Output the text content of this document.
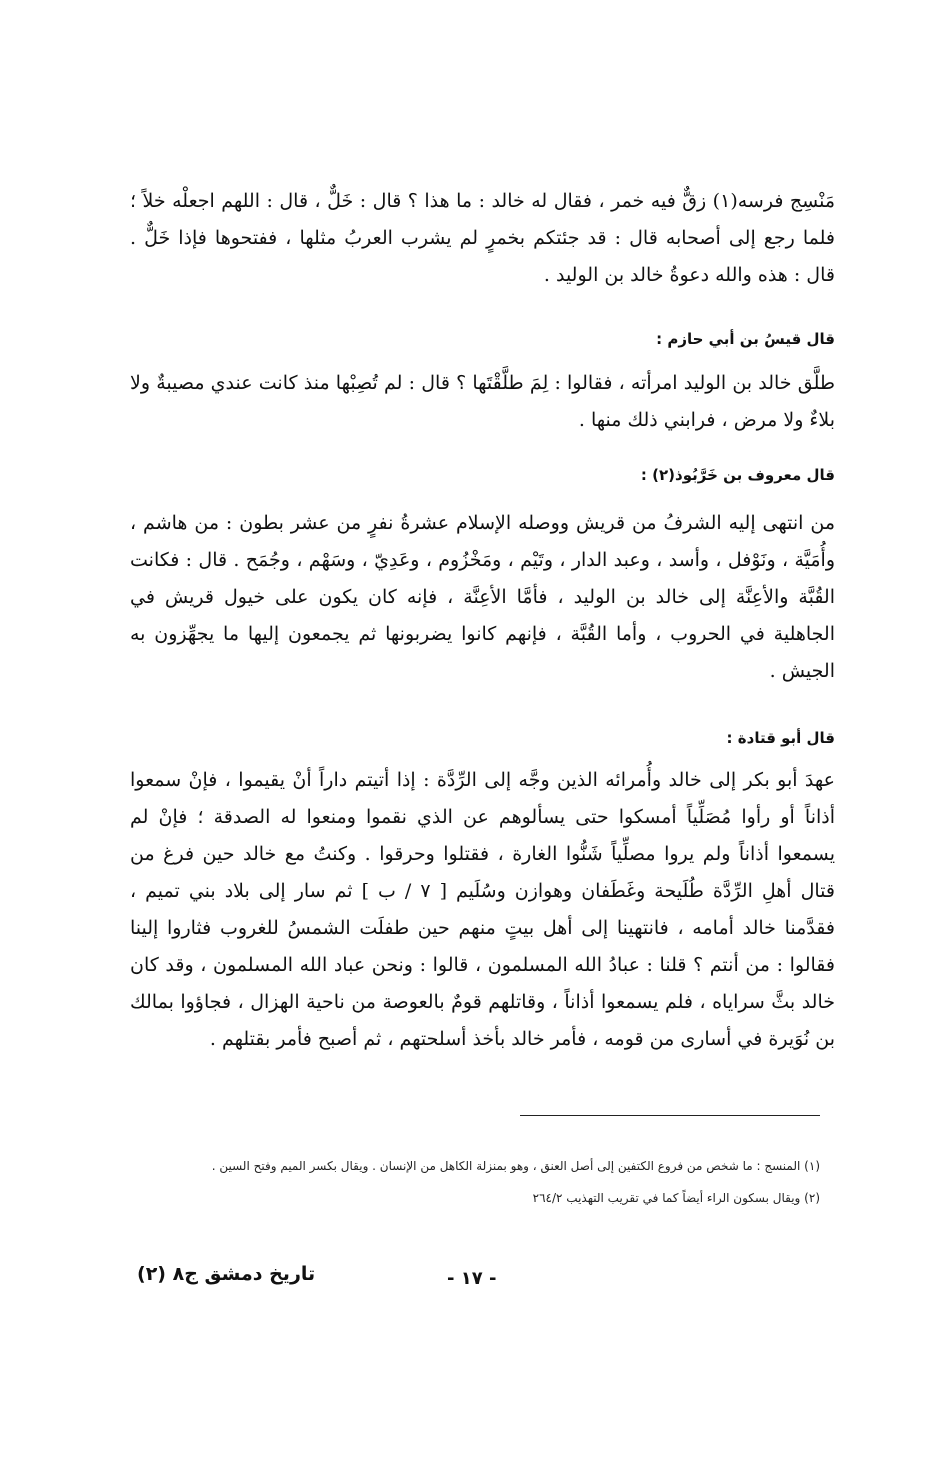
مَنْسِج فرسه(١) زقٌّ فيه خمر ، فقال له خالد : ما هذا ؟ قال : خَلٌّ ، قال : اللهم اجعلْه خلاً ؛ فلما رجع إلى أصحابه قال : قد جئتكم بخمرٍ لم يشرب العربُ مثلها ، ففتحوها فإذا خَلٌّ . قال : هذه والله دعوةُ خالد بن الوليد .

قال قيسُ بن أبي حازم :

طلَّق خالد بن الوليد امرأته ، فقالوا : لِمَ طلَّقْتَها ؟ قال : لم تُصِبْها منذ كانت عندي مصيبةٌ ولا بلاءٌ ولا مرض ، فرابني ذلك منها .

قال معروف بن خَرَّبُوذ(٢) :

من انتهى إليه الشرفُ من قريش ووصله الإسلام عشرةُ نفرٍ من عشر بطون : من هاشم ، وأُمَيَّة ، ونَوْفل ، وأسد ، وعبد الدار ، وتَيْم ، ومَخْزُوم ، وعَدِيّ ، وسَهْم ، وجُمَح . قال : فكانت القُبَّة والأعِنَّة إلى خالد بن الوليد ، فأمَّا الأعِنَّة ، فإنه كان يكون على خيول قريش في الجاهلية في الحروب ، وأما القُبَّة ، فإنهم كانوا يضربونها ثم يجمعون إليها ما يجهِّزون به الجيش .

قال أبو قتادة :

عهدَ أبو بكر إلى خالد وأُمرائه الذين وجَّه إلى الرِّدَّة : إذا أتيتم داراً أنْ يقيموا ، فإنْ سمعوا أذاناً أو رأوا مُصَلِّياً أمسكوا حتى يسألوهم عن الذي نقموا ومنعوا له الصدقة ؛ فإنْ لم يسمعوا أذاناً ولم يروا مصلِّياً شَنُّوا الغارة ، فقتلوا وحرقوا . وكنتُ مع خالد حين فرغ من قتال أهلِ الرِّدَّة طُلَيحة وغَطَفان وهوازن وسُلَيم [ ٧ / ب ] ثم سار إلى بلاد بني تميم ، فقدَّمنا خالد أمامه ، فانتهينا إلى أهل بيتٍ منهم حين طفلَت الشمسُ للغروب فثاروا إلينا فقالوا : من أنتم ؟ قلنا : عبادُ الله المسلمون ، قالوا : ونحن عباد الله المسلمون ، وقد كان خالد بثَّ سراياه ، فلم يسمعوا أذاناً ، وقاتلهم قومٌ بالعوصة من ناحية الهزال ، فجاؤوا بمالك بن نُوَيرة في أسارى من قومه ، فأمر خالد بأخذ أسلحتهم ، ثم أصبح فأمر بقتلهم .

(١) المنسج : ما شخص من فروع الكتفين إلى أصل العنق ، وهو بمنزلة الكاهل من الإنسان . ويقال بكسر الميم وفتح السين .

(٢) ويقال بسكون الراء أيضاً كما في تقريب التهذيب ٢٦٤/٢

تاريخ دمشق ج٨ (٢)	- ١٧ -
